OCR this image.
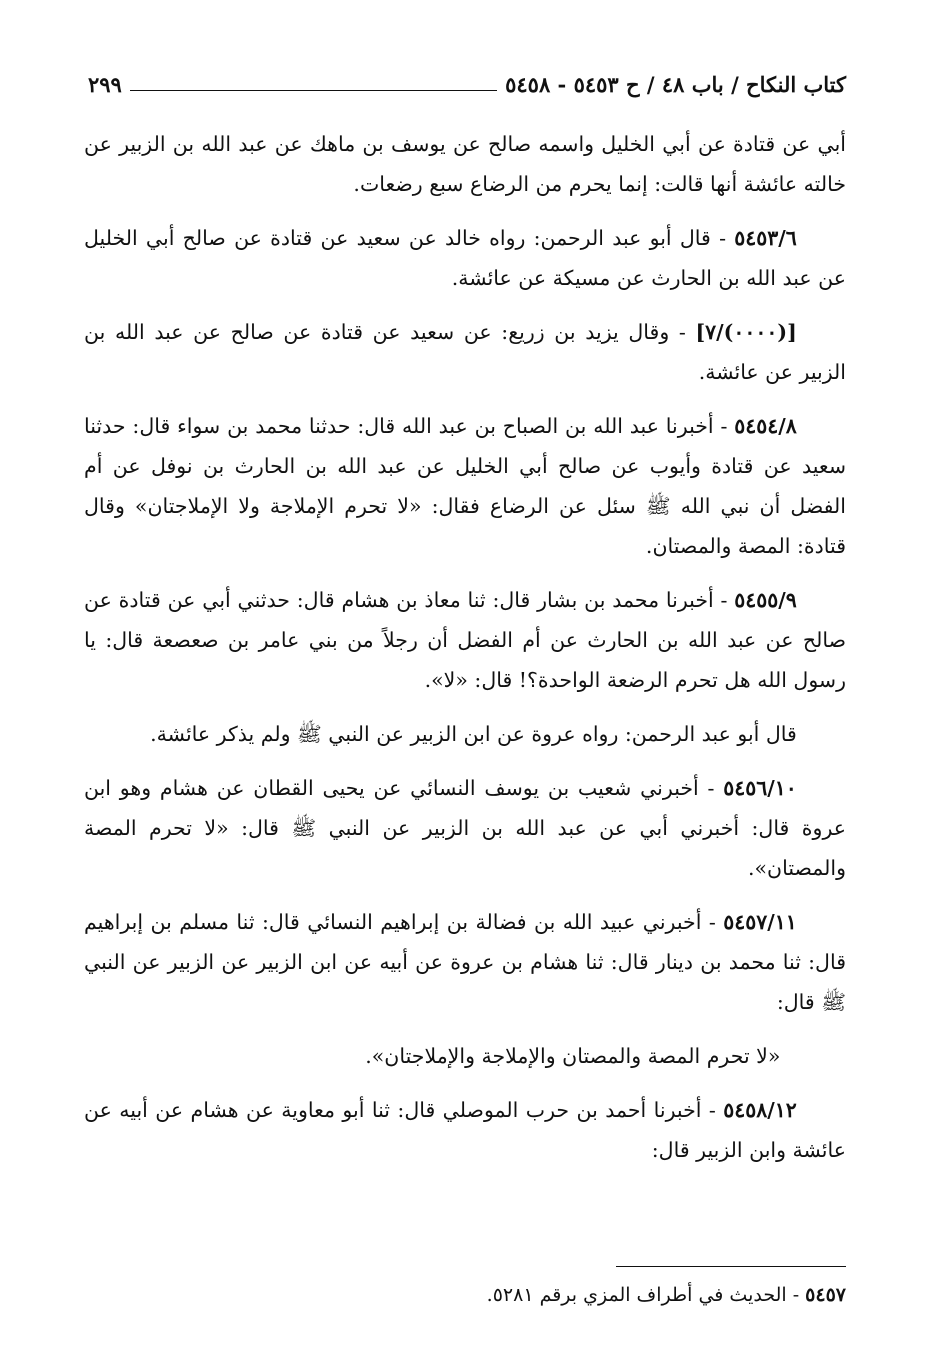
كتاب النكاح / باب ٤٨ / ح ٥٤٥٣ - ٥٤٥٨
٢٩٩

أبي عن قتادة عن أبي الخليل واسمه صالح عن يوسف بن ماهك عن عبد الله بن الزبير عن خالته عائشة أنها قالت: إنما يحرم من الرضاع سبع رضعات.

٥٤٥٣/٦ - قال أبو عبد الرحمن: رواه خالد عن سعيد عن قتادة عن صالح أبي الخليل عن عبد الله بن الحارث عن مسيكة عن عائشة.

[(٠٠٠٠)/٧] - وقال يزيد بن زريع: عن سعيد عن قتادة عن صالح عن عبد الله بن الزبير عن عائشة.

٥٤٥٤/٨ - أخبرنا عبد الله بن الصباح بن عبد الله قال: حدثنا محمد بن سواء قال: حدثنا سعيد عن قتادة وأيوب عن صالح أبي الخليل عن عبد الله بن الحارث بن نوفل عن أم الفضل أن نبي الله ﷺ سئل عن الرضاع فقال: «لا تحرم الإملاجة ولا الإملاجتان» وقال قتادة: المصة والمصتان.

٥٤٥٥/٩ - أخبرنا محمد بن بشار قال: ثنا معاذ بن هشام قال: حدثني أبي عن قتادة عن صالح عن عبد الله بن الحارث عن أم الفضل أن رجلاً من بني عامر بن صعصعة قال: يا رسول الله هل تحرم الرضعة الواحدة؟! قال: «لا».

قال أبو عبد الرحمن: رواه عروة عن ابن الزبير عن النبي ﷺ ولم يذكر عائشة.

٥٤٥٦/١٠ - أخبرني شعيب بن يوسف النسائي عن يحيى القطان عن هشام وهو ابن عروة قال: أخبرني أبي عن عبد الله بن الزبير عن النبي ﷺ قال: «لا تحرم المصة والمصتان».

٥٤٥٧/١١ - أخبرني عبيد الله بن فضالة بن إبراهيم النسائي قال: ثنا مسلم بن إبراهيم قال: ثنا محمد بن دينار قال: ثنا هشام بن عروة عن أبيه عن ابن الزبير عن الزبير عن النبي ﷺ قال:

«لا تحرم المصة والمصتان والإملاجة والإملاجتان».

٥٤٥٨/١٢ - أخبرنا أحمد بن حرب الموصلي قال: ثنا أبو معاوية عن هشام عن أبيه عن عائشة وابن الزبير قال:

٥٤٥٧ - الحديث في أطراف المزي برقم ٥٢٨١.
